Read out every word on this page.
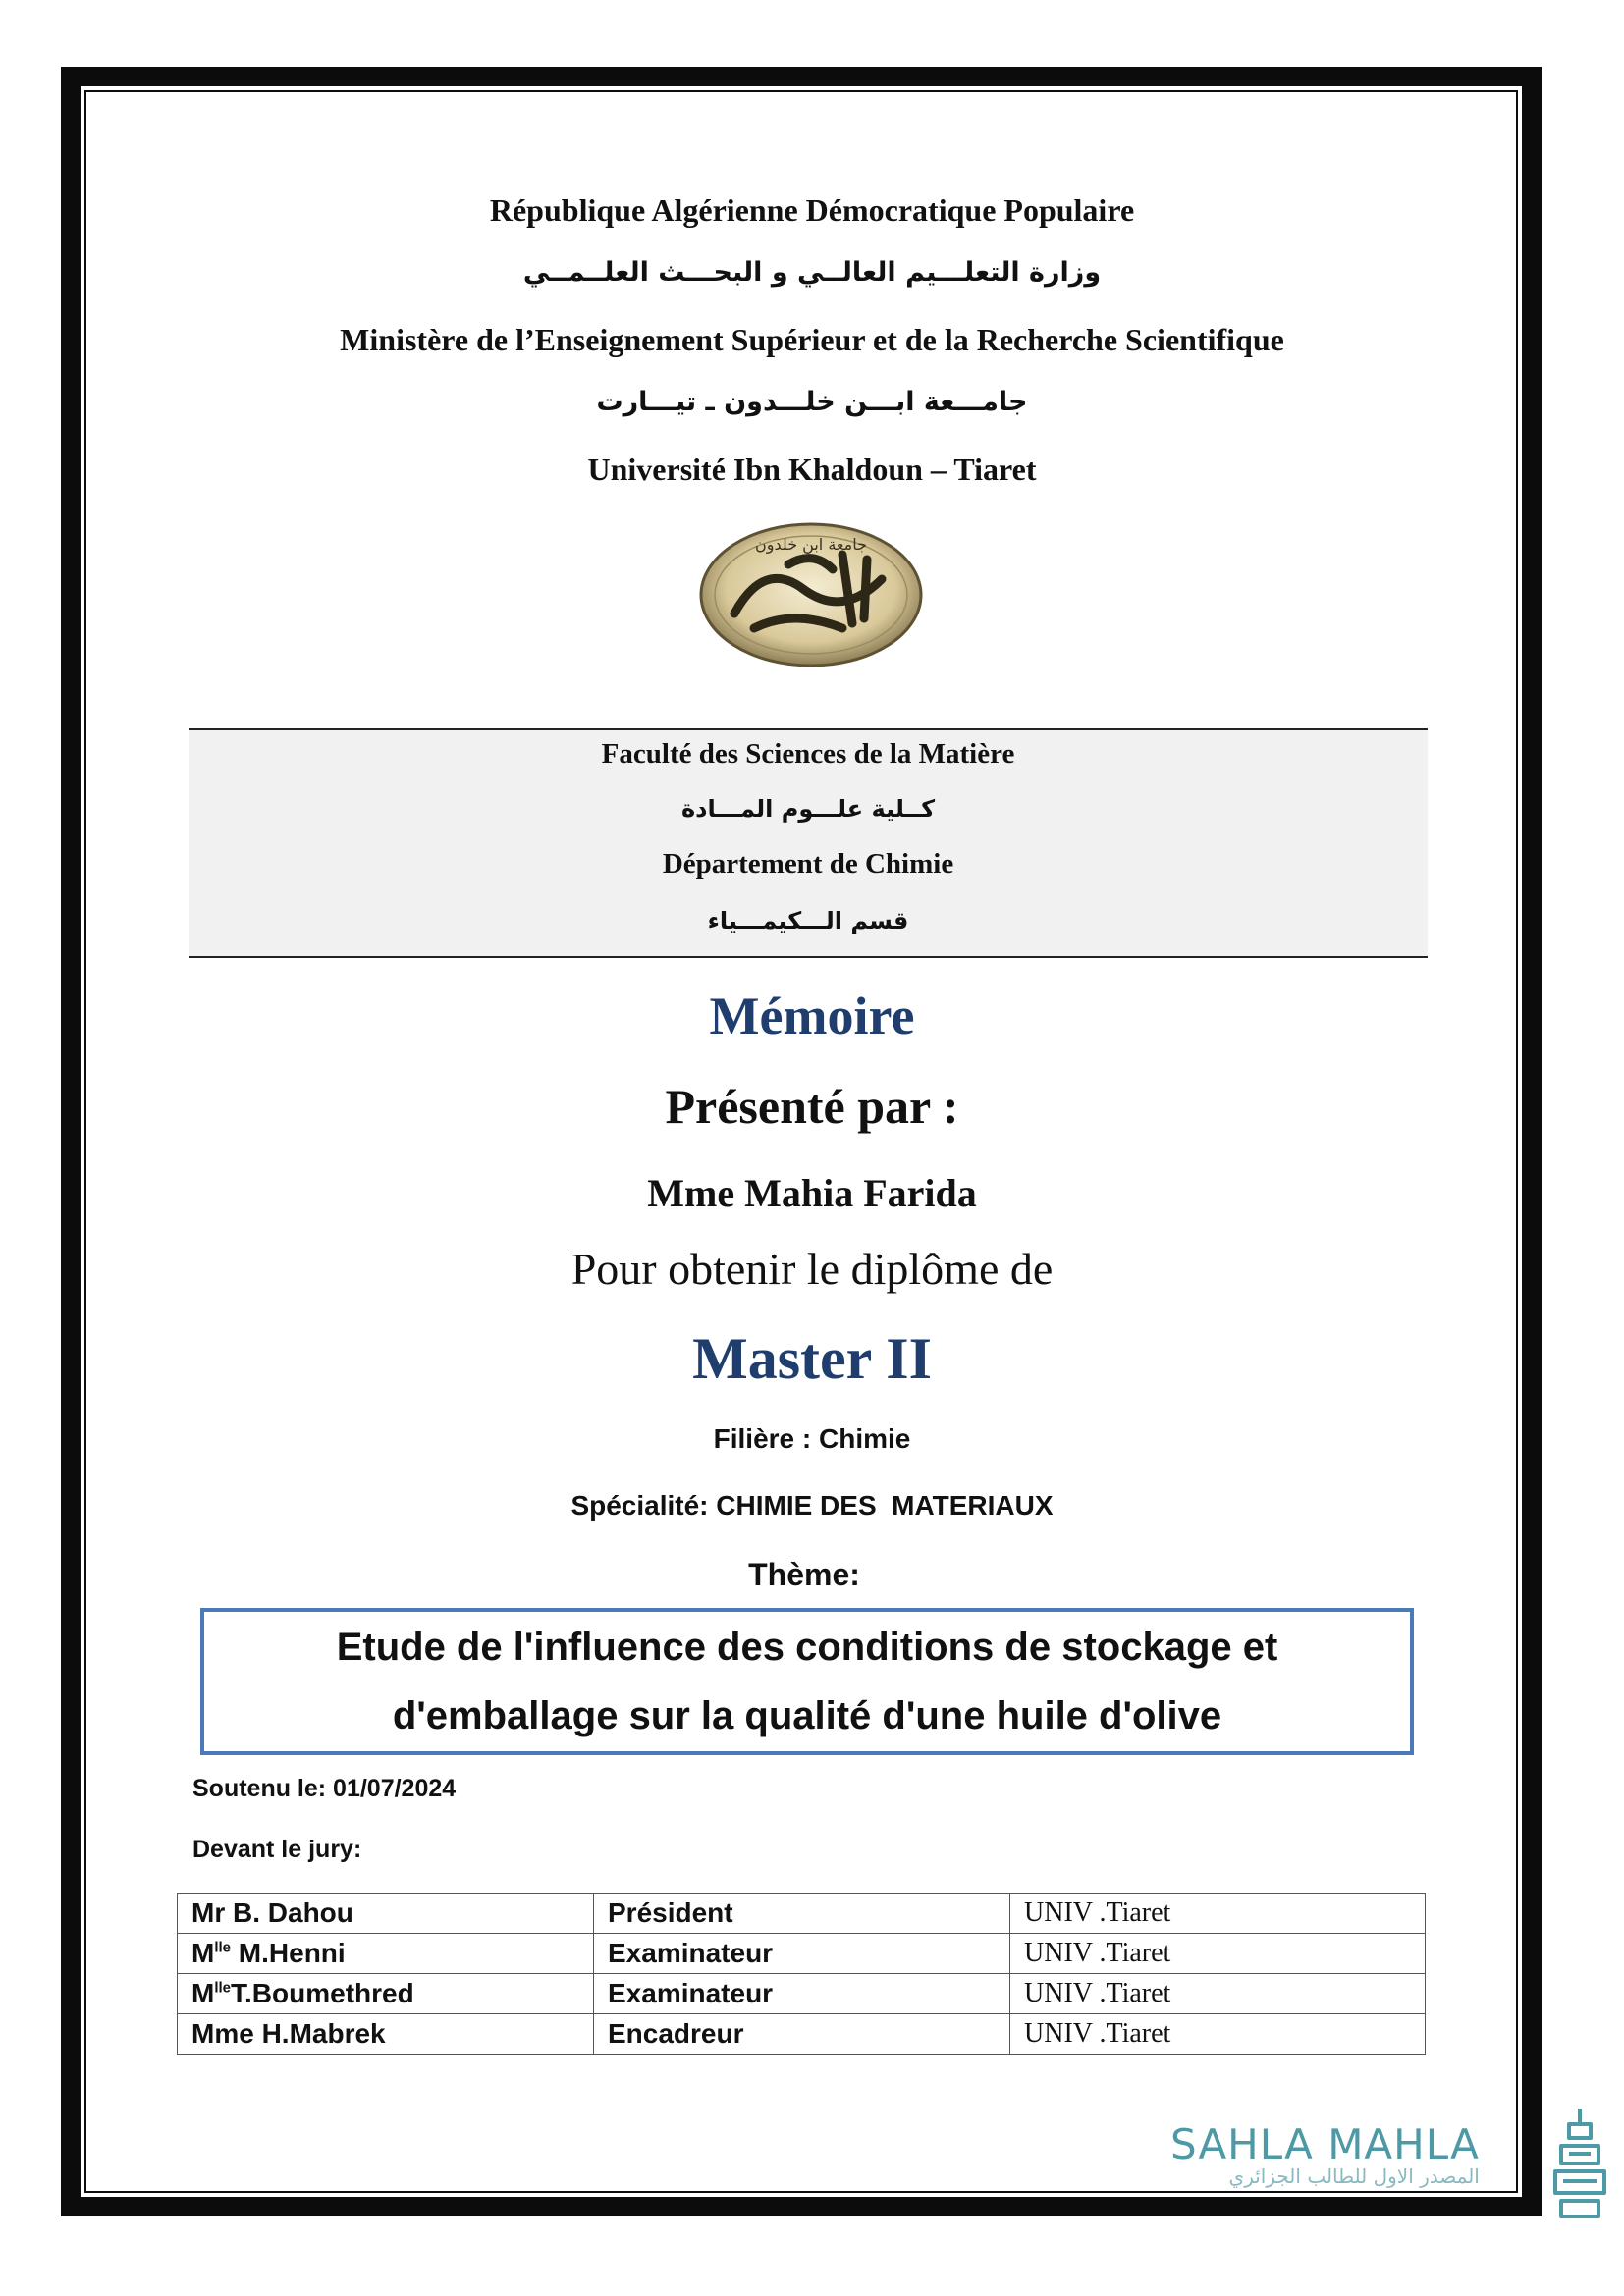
République Algérienne Démocratique Populaire
وزارة التعلـــيم العالــي و البحـــث العلــمــي
Ministère de l’Enseignement Supérieur et de la Recherche Scientifique
جامـــعة ابـــن خلـــدون ـ تيـــارت
Université Ibn Khaldoun – Tiaret
جامعة ابن خلدون
Faculté des Sciences de la Matière
كــلية علـــوم المـــادة
Département de Chimie
قسم الـــكيمـــياء
Mémoire
Présenté par :
Mme Mahia Farida
Pour obtenir le diplôme de
Master II
Filière : Chimie
Spécialité: CHIMIE DES  MATERIAUX
Thème:
Etude de l'influence des conditions de stockage et
d'emballage sur la qualité d'une huile d'olive
Soutenu le: 01/07/2024
Devant le jury:
Mr B. Dahou	Président	UNIV .Tiaret
$M^{lle}$ M.Henni	Examinateur	UNIV .Tiaret
$M^{lle}T.Boumethred$	Examinateur	UNIV .Tiaret
Mme H.Mabrek	Encadreur	UNIV .Tiaret
SAHLA MAHLA
المصدر الاول للطالب الجزائري
